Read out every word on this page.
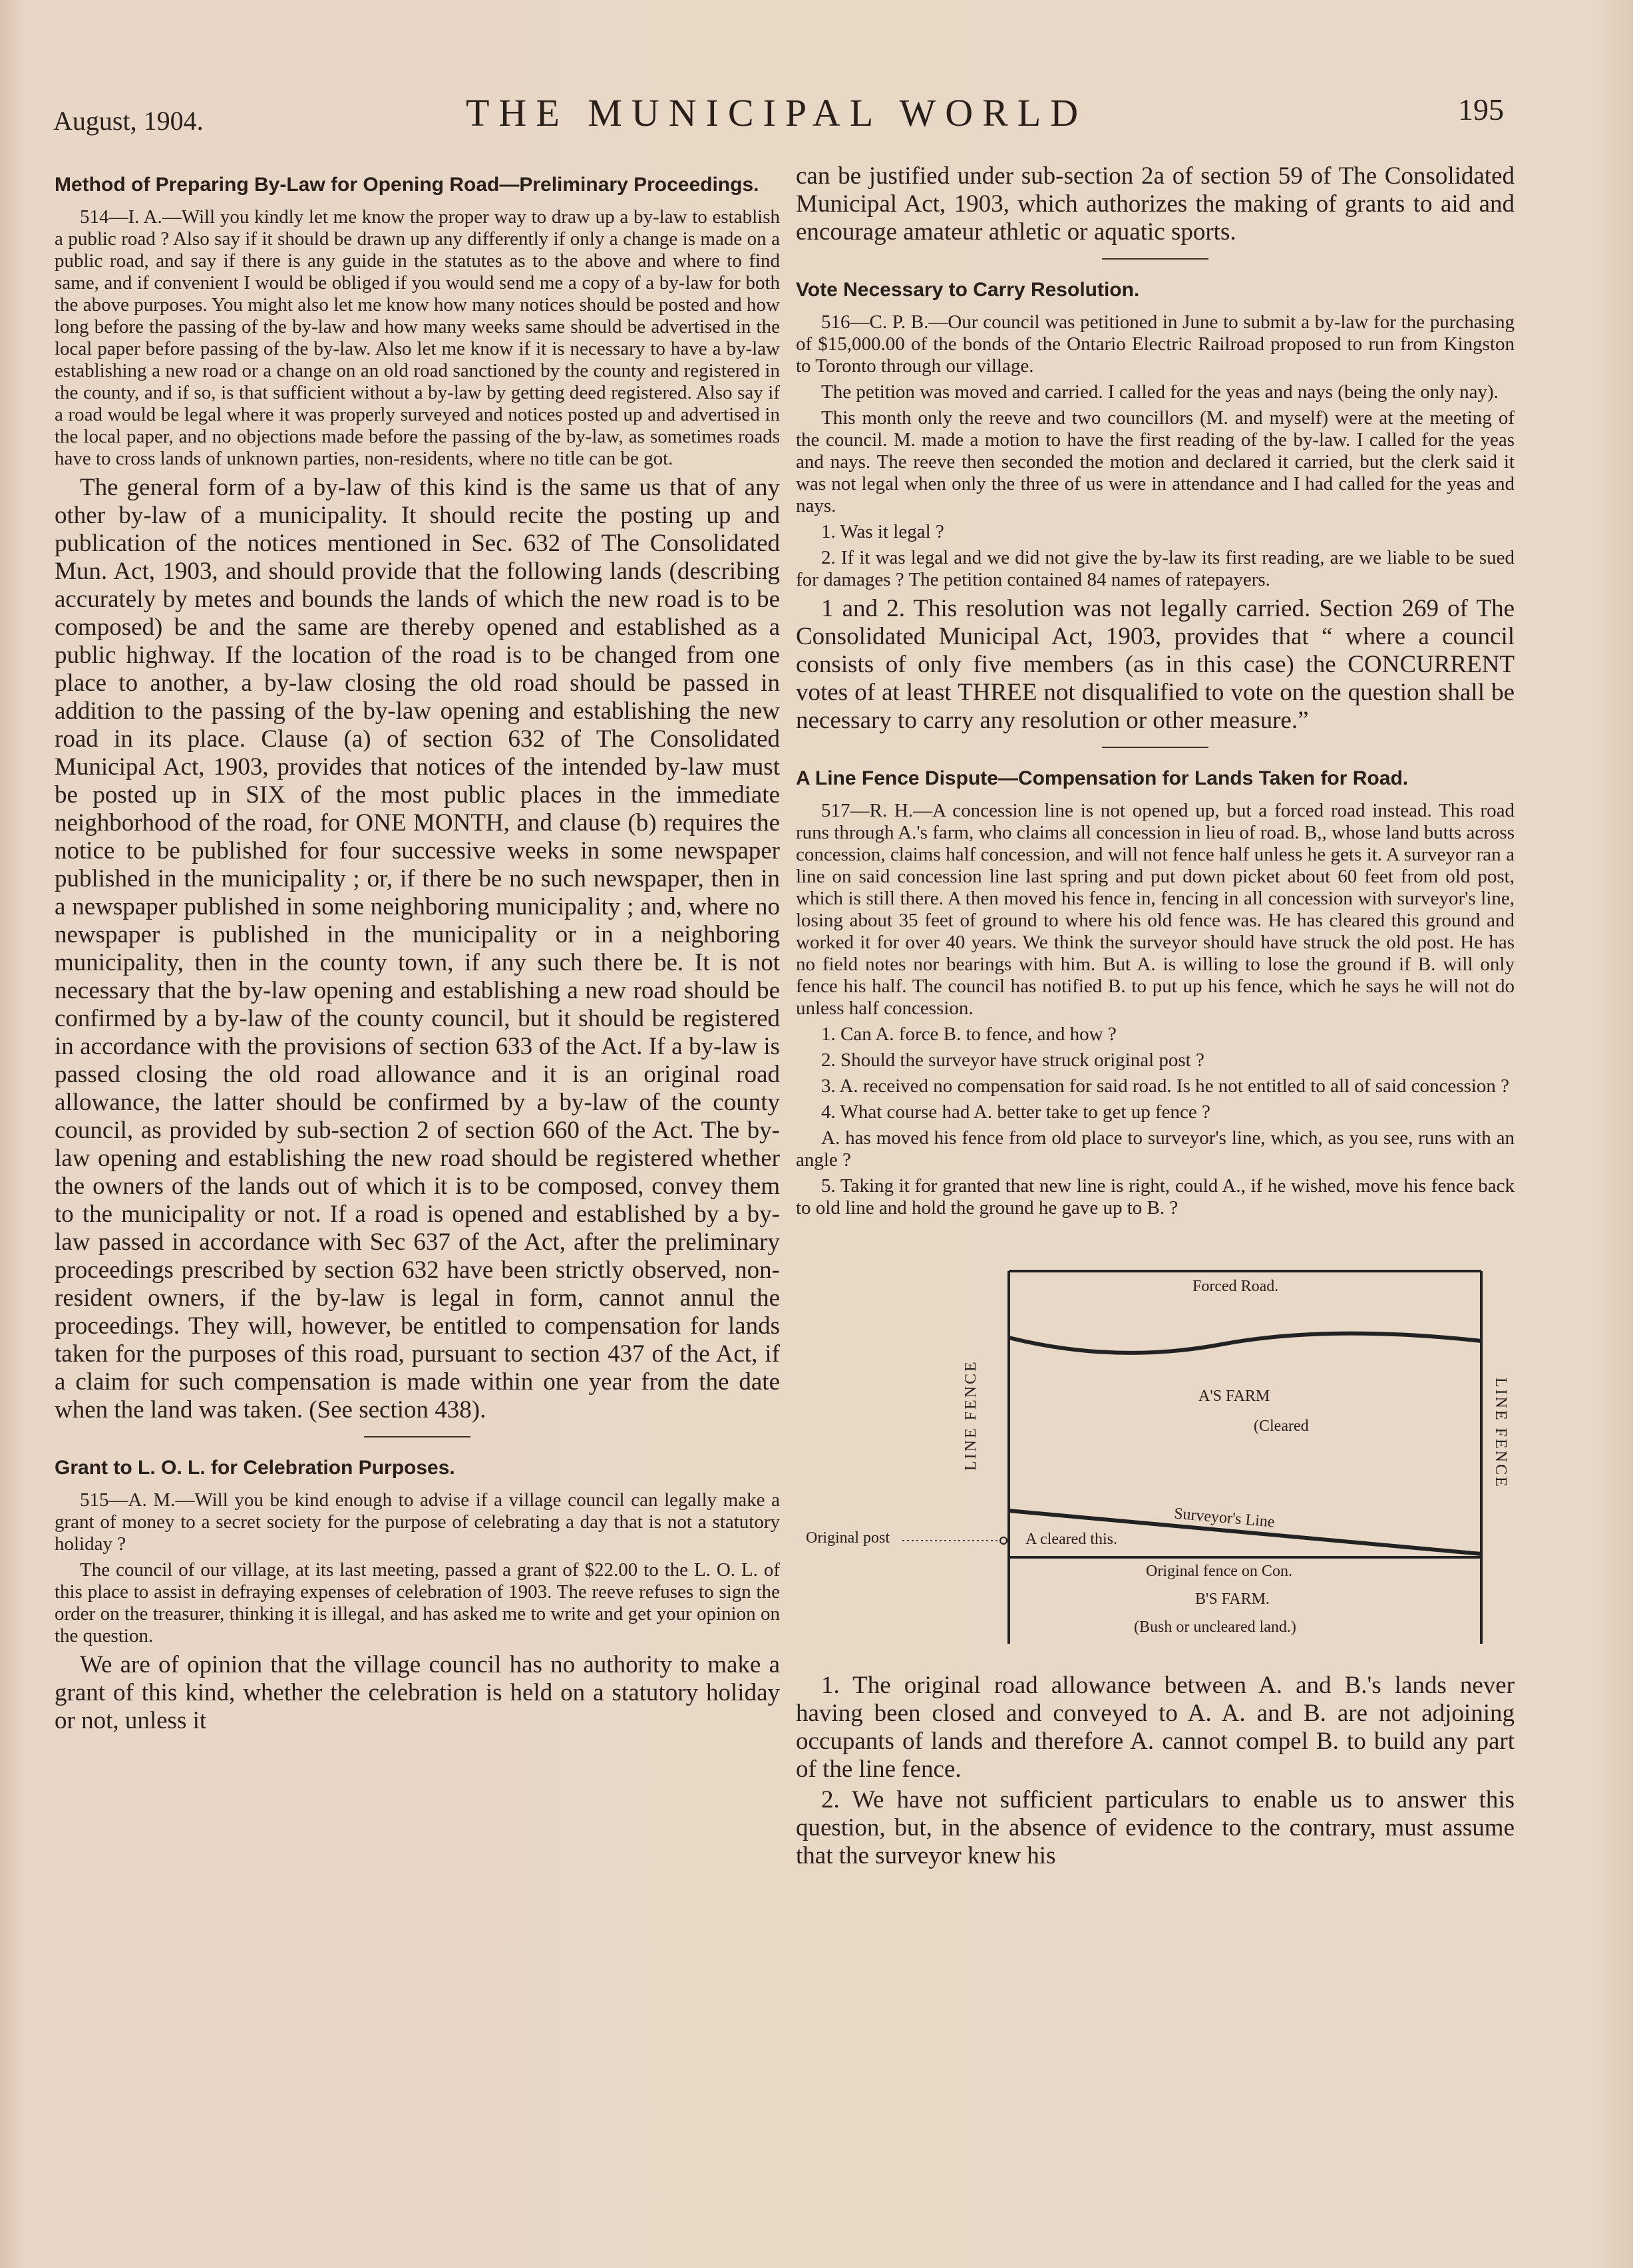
August, 1904.	THE MUNICIPAL WORLD	195
Method of Preparing By-Law for Opening Road—Preliminary Proceedings.

514—I. A.—Will you kindly let me know the proper way to draw up a by-law to establish a public road ? Also say if it should be drawn up any differently if only a change is made on a public road, and say if there is any guide in the statutes as to the above and where to find same, and if convenient I would be obliged if you would send me a copy of a by-law for both the above purposes. You might also let me know how many notices should be posted and how long before the passing of the by-law and how many weeks same should be advertised in the local paper before passing of the by-law. Also let me know if it is necessary to have a by-law establishing a new road or a change on an old road sanctioned by the county and registered in the county, and if so, is that sufficient without a by-law by getting deed registered. Also say if a road would be legal where it was properly surveyed and notices posted up and advertised in the local paper, and no objections made before the passing of the by-law, as sometimes roads have to cross lands of unknown parties, non-residents, where no title can be got.

The general form of a by-law of this kind is the same us that of any other by-law of a municipality. It should recite the posting up and publication of the notices mentioned in Sec. 632 of The Consolidated Mun. Act, 1903, and should provide that the following lands (describing accurately by metes and bounds the lands of which the new road is to be composed) be and the same are thereby opened and established as a public highway. If the location of the road is to be changed from one place to another, a by-law closing the old road should be passed in addition to the passing of the by-law opening and establishing the new road in its place. Clause (a) of section 632 of The Consolidated Municipal Act, 1903, provides that notices of the intended by-law must be posted up in SIX of the most public places in the immediate neighborhood of the road, for ONE MONTH, and clause (b) requires the notice to be published for four successive weeks in some newspaper published in the municipality ; or, if there be no such newspaper, then in a newspaper published in some neighboring municipality ; and, where no newspaper is published in the municipality or in a neighboring municipality, then in the county town, if any such there be. It is not necessary that the by-law opening and establishing a new road should be confirmed by a by-law of the county council, but it should be registered in accordance with the provisions of section 633 of the Act. If a by-law is passed closing the old road allowance and it is an original road allowance, the latter should be confirmed by a by-law of the county council, as provided by sub-section 2 of section 660 of the Act. The by-law opening and establishing the new road should be registered whether the owners of the lands out of which it is to be composed, convey them to the municipality or not. If a road is opened and established by a by-law passed in accordance with Sec 637 of the Act, after the preliminary proceedings prescribed by section 632 have been strictly observed, non-resident owners, if the by-law is legal in form, cannot annul the proceedings. They will, however, be entitled to compensation for lands taken for the purposes of this road, pursuant to section 437 of the Act, if a claim for such compensation is made within one year from the date when the land was taken. (See section 438).

Grant to L. O. L. for Celebration Purposes.

515—A. M.—Will you be kind enough to advise if a village council can legally make a grant of money to a secret society for the purpose of celebrating a day that is not a statutory holiday ?

The council of our village, at its last meeting, passed a grant of $22.00 to the L. O. L. of this place to assist in defraying expenses of celebration of 1903. The reeve refuses to sign the order on the treasurer, thinking it is illegal, and has asked me to write and get your opinion on the question.

We are of opinion that the village council has no authority to make a grant of this kind, whether the celebration is held on a statutory holiday or not, unless it

can be justified under sub-section 2a of section 59 of The Consolidated Municipal Act, 1903, which authorizes the making of grants to aid and encourage amateur athletic or aquatic sports.

Vote Necessary to Carry Resolution.

516—C. P. B.—Our council was petitioned in June to submit a by-law for the purchasing of $15,000.00 of the bonds of the Ontario Electric Railroad proposed to run from Kingston to Toronto through our village.

The petition was moved and carried. I called for the yeas and nays (being the only nay).

This month only the reeve and two councillors (M. and myself) were at the meeting of the council. M. made a motion to have the first reading of the by-law. I called for the yeas and nays. The reeve then seconded the motion and declared it carried, but the clerk said it was not legal when only the three of us were in attendance and I had called for the yeas and nays.

1. Was it legal ?

2. If it was legal and we did not give the by-law its first reading, are we liable to be sued for damages ? The petition contained 84 names of ratepayers.

1 and 2. This resolution was not legally carried. Section 269 of The Consolidated Municipal Act, 1903, provides that “ where a council consists of only five members (as in this case) the CONCURRENT votes of at least THREE not disqualified to vote on the question shall be necessary to carry any resolution or other measure.”

A Line Fence Dispute—Compensation for Lands Taken for Road.

517—R. H.—A concession line is not opened up, but a forced road instead. This road runs through A.'s farm, who claims all concession in lieu of road. B,, whose land butts across concession, claims half concession, and will not fence half unless he gets it. A surveyor ran a line on said concession line last spring and put down picket about 60 feet from old post, which is still there. A then moved his fence in, fencing in all concession with surveyor's line, losing about 35 feet of ground to where his old fence was. He has cleared this ground and worked it for over 40 years. We think the surveyor should have struck the old post. He has no field notes nor bearings with him. But A. is willing to lose the ground if B. will only fence his half. The council has notified B. to put up his fence, which he says he will not do unless half concession.

1. Can A. force B. to fence, and how ?

2. Should the surveyor have struck original post ?

3. A. received no compensation for said road. Is he not entitled to all of said concession ?

4. What course had A. better take to get up fence ?

A. has moved his fence from old place to surveyor's line, which, as you see, runs with an angle ?

5. Taking it for granted that new line is right, could A., if he wished, move his fence back to old line and hold the ground he gave up to B. ?

Forced Road.
LINE FENCE	LINE FENCE
A'S FARM
(Cleared
Surveyor's Line
Original post	A cleared this.
Original fence on Con.
B'S FARM.
(Bush or uncleared land.)

1. The original road allowance between A. and B.'s lands never having been closed and conveyed to A. A. and B. are not adjoining occupants of lands and therefore A. cannot compel B. to build any part of the line fence.

2. We have not sufficient particulars to enable us to answer this question, but, in the absence of evidence to the contrary, must assume that the surveyor knew his
